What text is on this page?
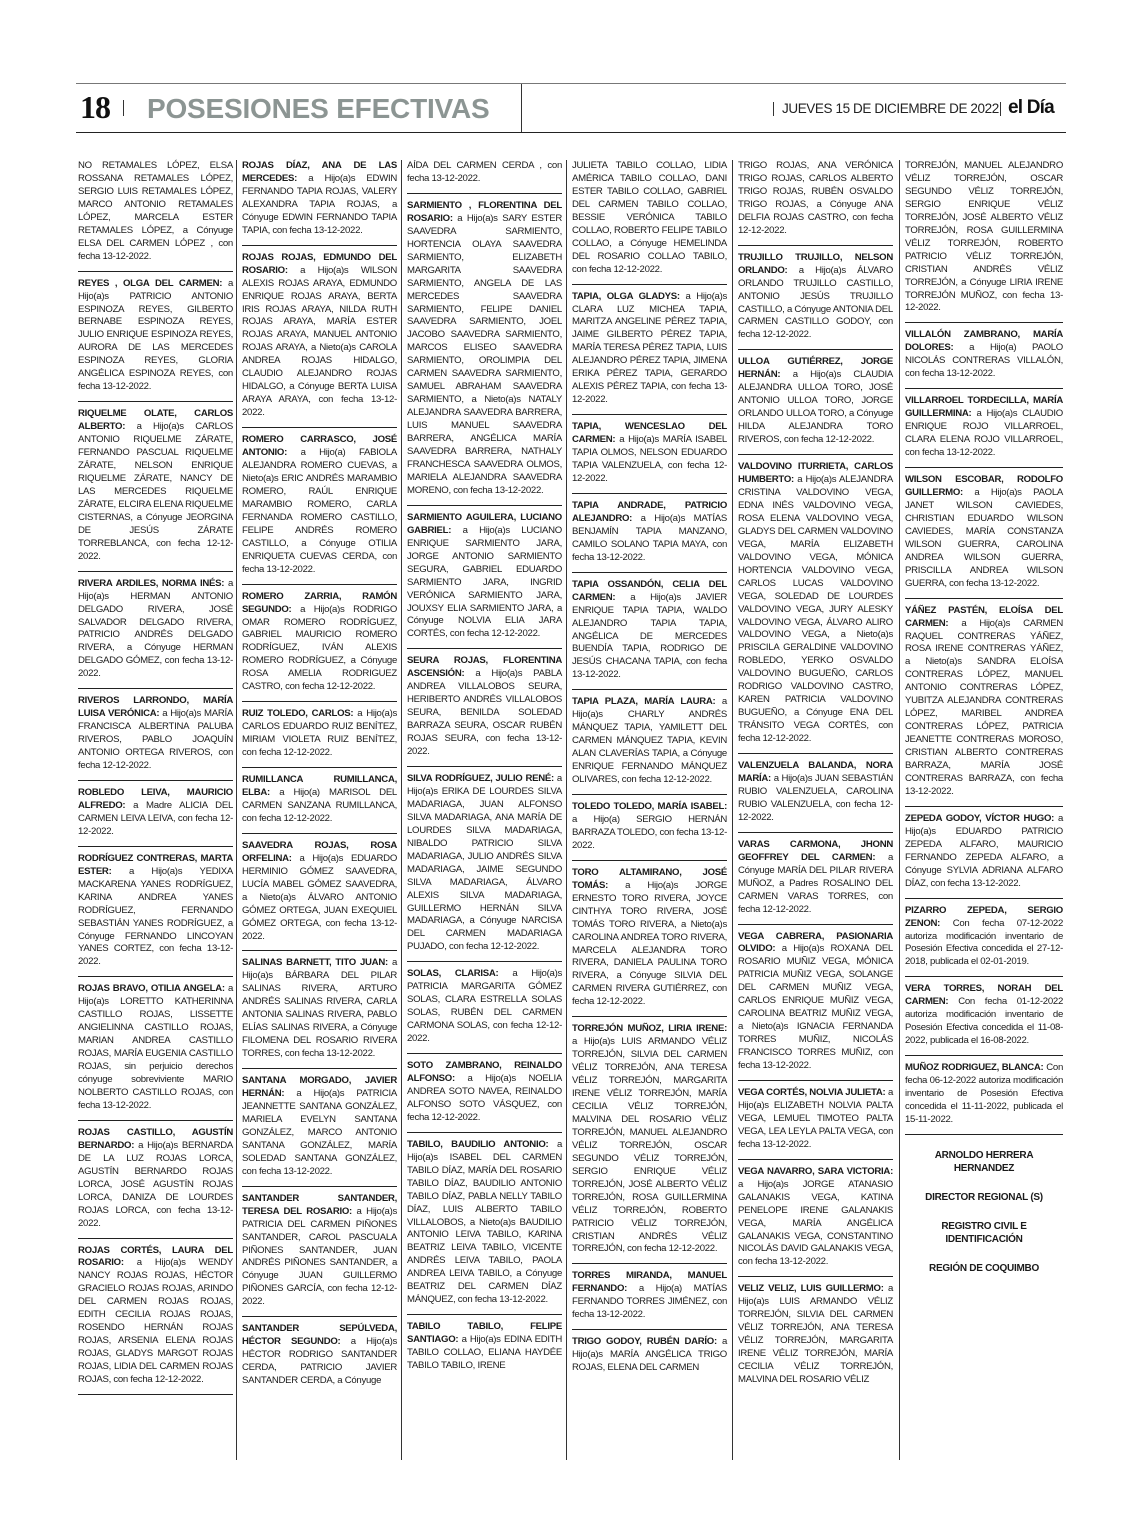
18 POSESIONES EFECTIVAS	JUEVES 15 DE DICIEMBRE DE 2022 el Día
NO RETAMALES LÓPEZ, ELSA ROSSANA RETAMALES LÓPEZ, SERGIO LUIS RETAMALES LÓPEZ, MARCO ANTONIO RETAMALES LÓPEZ, MARCELA ESTER RETAMALES LÓPEZ, a Cónyuge ELSA DEL CARMEN LÓPEZ , con fecha 13-12-2022.
REYES , OLGA DEL CARMEN: a Hijo(a)s PATRICIO ANTONIO ESPINOZA REYES, GILBERTO BERNABE ESPINOZA REYES, JULIO ENRIQUE ESPINOZA REYES, AURORA DE LAS MERCEDES ESPINOZA REYES, GLORIA ANGÉLICA ESPINOZA REYES, con fecha 13-12-2022.
RIQUELME OLATE, CARLOS ALBERTO: a Hijo(a)s CARLOS ANTONIO RIQUELME ZÁRATE, FERNANDO PASCUAL RIQUELME ZÁRATE, NELSON ENRIQUE RIQUELME ZÁRATE, NANCY DE LAS MERCEDES RIQUELME ZÁRATE, ELCIRA ELENA RIQUELME CISTERNAS, a Cónyuge JEORGINA DE JESÚS ZÁRATE TORREBLANCA, con fecha 12-12-2022.
RIVERA ARDILES, NORMA INÉS: a Hijo(a)s HERMAN ANTONIO DELGADO RIVERA, JOSÉ SALVADOR DELGADO RIVERA, PATRICIO ANDRÉS DELGADO RIVERA, a Cónyuge HERMAN DELGADO GÓMEZ, con fecha 13-12-2022.
RIVEROS LARRONDO, MARÍA LUISA VERÓNICA: a Hijo(a)s MARÍA FRANCISCA ALBERTINA PALUBA RIVEROS, PABLO JOAQUÍN ANTONIO ORTEGA RIVEROS, con fecha 12-12-2022.
ROBLEDO LEIVA, MAURICIO ALFREDO: a Madre ALICIA DEL CARMEN LEIVA LEIVA, con fecha 12-12-2022.
RODRÍGUEZ CONTRERAS, MARTA ESTER: a Hijo(a)s YEDIXA MACKARENA YANES RODRÍGUEZ, KARINA ANDREA YANES RODRÍGUEZ, FERNANDO SEBASTIÁN YANES RODRÍGUEZ, a Cónyuge FERNANDO LINCOYAN YANES CORTEZ, con fecha 13-12-2022.
ROJAS BRAVO, OTILIA ANGELA: a Hijo(a)s LORETTO KATHERINNA CASTILLO ROJAS, LISSETTE ANGIELINNA CASTILLO ROJAS, MARIAN ANDREA CASTILLO ROJAS, MARÍA EUGENIA CASTILLO ROJAS, sin perjuicio derechos cónyuge sobreviviente MARIO NOLBERTO CASTILLO ROJAS, con fecha 13-12-2022.
ROJAS CASTILLO, AGUSTÍN BERNARDO: a Hijo(a)s BERNARDA DE LA LUZ ROJAS LORCA, AGUSTÍN BERNARDO ROJAS LORCA, JOSÉ AGUSTÍN ROJAS LORCA, DANIZA DE LOURDES ROJAS LORCA, con fecha 13-12-2022.
ROJAS CORTÉS, LAURA DEL ROSARIO: a Hijo(a)s WENDY NANCY ROJAS ROJAS, HÉCTOR GRACIELO ROJAS ROJAS, ARINDO DEL CARMEN ROJAS ROJAS, EDITH CECILIA ROJAS ROJAS, ROSENDO HERNÁN ROJAS ROJAS, ARSENIA ELENA ROJAS ROJAS, GLADYS MARGOT ROJAS ROJAS, LIDIA DEL CARMEN ROJAS ROJAS, con fecha 12-12-2022.
ROJAS DÍAZ, ANA DE LAS MERCEDES: a Hijo(a)s EDWIN FERNANDO TAPIA ROJAS, VALERY ALEXANDRA TAPIA ROJAS, a Cónyuge EDWIN FERNANDO TAPIA TAPIA, con fecha 13-12-2022.
ROJAS ROJAS, EDMUNDO DEL ROSARIO: a Hijo(a)s WILSON ALEXIS ROJAS ARAYA, EDMUNDO ENRIQUE ROJAS ARAYA, BERTA IRIS ROJAS ARAYA, NILDA RUTH ROJAS ARAYA, MARÍA ESTER ROJAS ARAYA, MANUEL ANTONIO ROJAS ARAYA, a Nieto(a)s CAROLA ANDREA ROJAS HIDALGO, CLAUDIO ALEJANDRO ROJAS HIDALGO, a Cónyuge BERTA LUISA ARAYA ARAYA, con fecha 13-12-2022.
ROMERO CARRASCO, JOSÉ ANTONIO: a Hijo(a) FABIOLA ALEJANDRA ROMERO CUEVAS, a Nieto(a)s ERIC ANDRÉS MARAMBIO ROMERO, RAÚL ENRIQUE MARAMBIO ROMERO, CARLA FERNANDA ROMERO CASTILLO, FELIPE ANDRÉS ROMERO CASTILLO, a Cónyuge OTILIA ENRIQUETA CUEVAS CERDA, con fecha 13-12-2022.
ROMERO ZARRIA, RAMÓN SEGUNDO: a Hijo(a)s RODRIGO OMAR ROMERO RODRÍGUEZ, GABRIEL MAURICIO ROMERO RODRÍGUEZ, IVÁN ALEXIS ROMERO RODRÍGUEZ, a Cónyuge ROSA AMELIA RODRIGUEZ CASTRO, con fecha 12-12-2022.
RUIZ TOLEDO, CARLOS: a Hijo(a)s CARLOS EDUARDO RUIZ BENÍTEZ, MIRIAM VIOLETA RUIZ BENÍTEZ, con fecha 12-12-2022.
RUMILLANCA RUMILLANCA, ELBA: a Hijo(a) MARISOL DEL CARMEN SANZANA RUMILLANCA, con fecha 12-12-2022.
SAAVEDRA ROJAS, ROSA ORFELINA: a Hijo(a)s EDUARDO HERMINIO GÓMEZ SAAVEDRA, LUCÍA MABEL GÓMEZ SAAVEDRA, a Nieto(a)s ÁLVARO ANTONIO GÓMEZ ORTEGA, JUAN EXEQUIEL GÓMEZ ORTEGA, con fecha 13-12-2022.
SALINAS BARNETT, TITO JUAN: a Hijo(a)s BÁRBARA DEL PILAR SALINAS RIVERA, ARTURO ANDRÉS SALINAS RIVERA, CARLA ANTONIA SALINAS RIVERA, PABLO ELÍAS SALINAS RIVERA, a Cónyuge FILOMENA DEL ROSARIO RIVERA TORRES, con fecha 13-12-2022.
SANTANA MORGADO, JAVIER HERNÁN: a Hijo(a)s PATRICIA JEANNETTE SANTANA GONZÁLEZ, MARIELA EVELYN SANTANA GONZÁLEZ, MARCO ANTONIO SANTANA GONZÁLEZ, MARÍA SOLEDAD SANTANA GONZÁLEZ, con fecha 13-12-2022.
SANTANDER SANTANDER, TERESA DEL ROSARIO: a Hijo(a)s PATRICIA DEL CARMEN PIÑONES SANTANDER, CAROL PASCUALA PIÑONES SANTANDER, JUAN ANDRÉS PIÑONES SANTANDER, a Cónyuge JUAN GUILLERMO PIÑONES GARCÍA, con fecha 12-12-2022.
SANTANDER SEPÚLVEDA, HÉCTOR SEGUNDO: a Hijo(a)s HÉCTOR RODRIGO SANTANDER CERDA, PATRICIO JAVIER SANTANDER CERDA, a Cónyuge
AÍDA DEL CARMEN CERDA , con fecha 13-12-2022.
SARMIENTO , FLORENTINA DEL ROSARIO: a Hijo(a)s SARY ESTER SAAVEDRA SARMIENTO, HORTENCIA OLAYA SAAVEDRA SARMIENTO, ELIZABETH MARGARITA SAAVEDRA SARMIENTO, ANGELA DE LAS MERCEDES SAAVEDRA SARMIENTO, FELIPE DANIEL SAAVEDRA SARMIENTO, JOEL JACOBO SAAVEDRA SARMIENTO, MARCOS ELISEO SAAVEDRA SARMIENTO, OROLIMPIA DEL CARMEN SAAVEDRA SARMIENTO, SAMUEL ABRAHAM SAAVEDRA SARMIENTO, a Nieto(a)s NATALY ALEJANDRA SAAVEDRA BARRERA, LUIS MANUEL SAAVEDRA BARRERA, ANGÉLICA MARÍA SAAVEDRA BARRERA, NATHALY FRANCHESCA SAAVEDRA OLMOS, MARIELA ALEJANDRA SAAVEDRA MORENO, con fecha 13-12-2022.
SARMIENTO AGUILERA, LUCIANO GABRIEL: a Hijo(a)s LUCIANO ENRIQUE SARMIENTO JARA, JORGE ANTONIO SARMIENTO SEGURA, GABRIEL EDUARDO SARMIENTO JARA, INGRID VERÓNICA SARMIENTO JARA, JOUXSY ELIA SARMIENTO JARA, a Cónyuge NOLVIA ELIA JARA CORTÉS, con fecha 12-12-2022.
SEURA ROJAS, FLORENTINA ASCENSIÓN: a Hijo(a)s PABLA ANDREA VILLALOBOS SEURA, HERIBERTO ANDRÉS VILLALOBOS SEURA, BENILDA SOLEDAD BARRAZA SEURA, OSCAR RUBÉN ROJAS SEURA, con fecha 13-12-2022.
SILVA RODRÍGUEZ, JULIO RENÉ: a Hijo(a)s ERIKA DE LOURDES SILVA MADARIAGA, JUAN ALFONSO SILVA MADARIAGA, ANA MARÍA DE LOURDES SILVA MADARIAGA, NIBALDO PATRICIO SILVA MADARIAGA, JULIO ANDRÉS SILVA MADARIAGA, JAIME SEGUNDO SILVA MADARIAGA, ÁLVARO ALEXIS SILVA MADARIAGA, GUILLERMO HERNÁN SILVA MADARIAGA, a Cónyuge NARCISA DEL CARMEN MADARIAGA PUJADO, con fecha 12-12-2022.
SOLAS, CLARISA: a Hijo(a)s PATRICIA MARGARITA GÓMEZ SOLAS, CLARA ESTRELLA SOLAS SOLAS, RUBÉN DEL CARMEN CARMONA SOLAS, con fecha 12-12-2022.
SOTO ZAMBRANO, REINALDO ALFONSO: a Hijo(a)s NOELIA ANDREA SOTO NAVEA, REINALDO ALFONSO SOTO VÁSQUEZ, con fecha 12-12-2022.
TABILO, BAUDILIO ANTONIO: a Hijo(a)s ISABEL DEL CARMEN TABILO DÍAZ, MARÍA DEL ROSARIO TABILO DÍAZ, BAUDILIO ANTONIO TABILO DÍAZ, PABLA NELLY TABILO DÍAZ, LUIS ALBERTO TABILO VILLALOBOS, a Nieto(a)s BAUDILIO ANTONIO LEIVA TABILO, KARINA BEATRIZ LEIVA TABILO, VICENTE ANDRÉS LEIVA TABILO, PAOLA ANDREA LEIVA TABILO, a Cónyuge BEATRIZ DEL CARMEN DÍAZ MÁNQUEZ, con fecha 13-12-2022.
TABILO TABILO, FELIPE SANTIAGO: a Hijo(a)s EDINA EDITH TABILO COLLAO, ELIANA HAYDÉE TABILO TABILO, IRENE
JULIETA TABILO COLLAO, LIDIA AMÉRICA TABILO COLLAO, DANI ESTER TABILO COLLAO, GABRIEL DEL CARMEN TABILO COLLAO, BESSIE VERÓNICA TABILO COLLAO, ROBERTO FELIPE TABILO COLLAO, a Cónyuge HEMELINDA DEL ROSARIO COLLAO TABILO, con fecha 12-12-2022.
TAPIA, OLGA GLADYS: a Hijo(a)s CLARA LUZ MICHEA TAPIA, MARITZA ANGELINE PÉREZ TAPIA, JAIME GILBERTO PÉREZ TAPIA, MARÍA TERESA PÉREZ TAPIA, LUIS ALEJANDRO PÉREZ TAPIA, JIMENA ERIKA PÉREZ TAPIA, GERARDO ALEXIS PÉREZ TAPIA, con fecha 13-12-2022.
TAPIA, WENCESLAO DEL CARMEN: a Hijo(a)s MARÍA ISABEL TAPIA OLMOS, NELSON EDUARDO TAPIA VALENZUELA, con fecha 12-12-2022.
TAPIA ANDRADE, PATRICIO ALEJANDRO: a Hijo(a)s MATÍAS BENJAMÍN TAPIA MANZANO, CAMILO SOLANO TAPIA MAYA, con fecha 13-12-2022.
TAPIA OSSANDÓN, CELIA DEL CARMEN: a Hijo(a)s JAVIER ENRIQUE TAPIA TAPIA, WALDO ALEJANDRO TAPIA TAPIA, ANGÉLICA DE MERCEDES BUENDÍA TAPIA, RODRIGO DE JESÚS CHACANA TAPIA, con fecha 13-12-2022.
TAPIA PLAZA, MARÍA LAURA: a Hijo(a)s CHARLY ANDRÉS MÁNQUEZ TAPIA, YAMILETT DEL CARMEN MÁNQUEZ TAPIA, KEVIN ALAN CLAVERÍAS TAPIA, a Cónyuge ENRIQUE FERNANDO MÁNQUEZ OLIVARES, con fecha 12-12-2022.
TOLEDO TOLEDO, MARÍA ISABEL: a Hijo(a) SERGIO HERNÁN BARRAZA TOLEDO, con fecha 13-12-2022.
TORO ALTAMIRANO, JOSÉ TOMÁS: a Hijo(a)s JORGE ERNESTO TORO RIVERA, JOYCE CINTHYA TORO RIVERA, JOSÉ TOMÁS TORO RIVERA, a Nieto(a)s CAROLINA ANDREA TORO RIVERA, MARCELA ALEJANDRA TORO RIVERA, DANIELA PAULINA TORO RIVERA, a Cónyuge SILVIA DEL CARMEN RIVERA GUTIÉRREZ, con fecha 12-12-2022.
TORREJÓN MUÑOZ, LIRIA IRENE: a Hijo(a)s LUIS ARMANDO VÉLIZ TORREJÓN, SILVIA DEL CARMEN VÉLIZ TORREJÓN, ANA TERESA VÉLIZ TORREJÓN, MARGARITA IRENE VÉLIZ TORREJÓN, MARÍA CECILIA VÉLIZ TORREJÓN, MALVINA DEL ROSARIO VÉLIZ TORREJÓN, MANUEL ALEJANDRO VÉLIZ TORREJÓN, OSCAR SEGUNDO VÉLIZ TORREJÓN, SERGIO ENRIQUE VÉLIZ TORREJÓN, JOSÉ ALBERTO VÉLIZ TORREJÓN, ROSA GUILLERMINA VÉLIZ TORREJÓN, ROBERTO PATRICIO VÉLIZ TORREJÓN, CRISTIAN ANDRÉS VÉLIZ TORREJÓN, con fecha 12-12-2022.
TORRES MIRANDA, MANUEL FERNANDO: a Hijo(a) MATÍAS FERNANDO TORRES JIMÉNEZ, con fecha 13-12-2022.
TRIGO GODOY, RUBÉN DARÍO: a Hijo(a)s MARÍA ANGÉLICA TRIGO ROJAS, ELENA DEL CARMEN
TRIGO ROJAS, ANA VERÓNICA TRIGO ROJAS, CARLOS ALBERTO TRIGO ROJAS, RUBÉN OSVALDO TRIGO ROJAS, a Cónyuge ANA DELFIA ROJAS CASTRO, con fecha 12-12-2022.
TRUJILLO TRUJILLO, NELSON ORLANDO: a Hijo(a)s ÁLVARO ORLANDO TRUJILLO CASTILLO, ANTONIO JESÚS TRUJILLO CASTILLO, a Cónyuge ANTONIA DEL CARMEN CASTILLO GODOY, con fecha 12-12-2022.
ULLOA GUTIÉRREZ, JORGE HERNÁN: a Hijo(a)s CLAUDIA ALEJANDRA ULLOA TORO, JOSÉ ANTONIO ULLOA TORO, JORGE ORLANDO ULLOA TORO, a Cónyuge HILDA ALEJANDRA TORO RIVEROS, con fecha 12-12-2022.
VALDOVINO ITURRIETA, CARLOS HUMBERTO: a Hijo(a)s ALEJANDRA CRISTINA VALDOVINO VEGA, EDNA INÉS VALDOVINO VEGA, ROSA ELENA VALDOVINO VEGA, GLADYS DEL CARMEN VALDOVINO VEGA, MARÍA ELIZABETH VALDOVINO VEGA, MÓNICA HORTENCIA VALDOVINO VEGA, CARLOS LUCAS VALDOVINO VEGA, SOLEDAD DE LOURDES VALDOVINO VEGA, JURY ALESKY VALDOVINO VEGA, ÁLVARO ALIRO VALDOVINO VEGA, a Nieto(a)s PRISCILA GERALDINE VALDOVINO ROBLEDO, YERKO OSVALDO VALDOVINO BUGUEÑO, CARLOS RODRIGO VALDOVINO CASTRO, KAREN PATRICIA VALDOVINO BUGUEÑO, a Cónyuge ENA DEL TRÁNSITO VEGA CORTÉS, con fecha 12-12-2022.
VALENZUELA BALANDA, NORA MARÍA: a Hijo(a)s JUAN SEBASTIÁN RUBIO VALENZUELA, CAROLINA RUBIO VALENZUELA, con fecha 12-12-2022.
VARAS CARMONA, JHONN GEOFFREY DEL CARMEN: a Cónyuge MARÍA DEL PILAR RIVERA MUÑOZ, a Padres ROSALINO DEL CARMEN VARAS TORRES, con fecha 12-12-2022.
VEGA CABRERA, PASIONARIA OLVIDO: a Hijo(a)s ROXANA DEL ROSARIO MUÑIZ VEGA, MÓNICA PATRICIA MUÑIZ VEGA, SOLANGE DEL CARMEN MUÑIZ VEGA, CARLOS ENRIQUE MUÑIZ VEGA, CAROLINA BEATRIZ MUÑIZ VEGA, a Nieto(a)s IGNACIA FERNANDA TORRES MUÑIZ, NICOLÁS FRANCISCO TORRES MUÑIZ, con fecha 13-12-2022.
VEGA CORTÉS, NOLVIA JULIETA: a Hijo(a)s ELIZABETH NOLVIA PALTA VEGA, LEMUEL TIMOTEO PALTA VEGA, LEA LEYLA PALTA VEGA, con fecha 13-12-2022.
VEGA NAVARRO, SARA VICTORIA: a Hijo(a)s JORGE ATANASIO GALANAKIS VEGA, KATINA PENELOPE IRENE GALANAKIS VEGA, MARÍA ANGÉLICA GALANAKIS VEGA, CONSTANTINO NICOLÁS DAVID GALANAKIS VEGA, con fecha 13-12-2022.
VELIZ VELIZ, LUIS GUILLERMO: a Hijo(a)s LUIS ARMANDO VÉLIZ TORREJÓN, SILVIA DEL CARMEN VÉLIZ TORREJÓN, ANA TERESA VÉLIZ TORREJÓN, MARGARITA IRENE VÉLIZ TORREJÓN, MARÍA CECILIA VÉLIZ TORREJÓN, MALVINA DEL ROSARIO VÉLIZ
TORREJÓN, MANUEL ALEJANDRO VÉLIZ TORREJÓN, OSCAR SEGUNDO VÉLIZ TORREJÓN, SERGIO ENRIQUE VÉLIZ TORREJÓN, JOSÉ ALBERTO VÉLIZ TORREJÓN, ROSA GUILLERMINA VÉLIZ TORREJÓN, ROBERTO PATRICIO VÉLIZ TORREJÓN, CRISTIAN ANDRÉS VÉLIZ TORREJÓN, a Cónyuge LIRIA IRENE TORREJÓN MUÑOZ, con fecha 13-12-2022.
VILLALÓN ZAMBRANO, MARÍA DOLORES: a Hijo(a) PAOLO NICOLÁS CONTRERAS VILLALÓN, con fecha 13-12-2022.
VILLARROEL TORDECILLA, MARÍA GUILLERMINA: a Hijo(a)s CLAUDIO ENRIQUE ROJO VILLARROEL, CLARA ELENA ROJO VILLARROEL, con fecha 13-12-2022.
WILSON ESCOBAR, RODOLFO GUILLERMO: a Hijo(a)s PAOLA JANET WILSON CAVIEDES, CHRISTIAN EDUARDO WILSON CAVIEDES, MARÍA CONSTANZA WILSON GUERRA, CAROLINA ANDREA WILSON GUERRA, PRISCILLA ANDREA WILSON GUERRA, con fecha 13-12-2022.
YÁÑEZ PASTÉN, ELOÍSA DEL CARMEN: a Hijo(a)s CARMEN RAQUEL CONTRERAS YÁÑEZ, ROSA IRENE CONTRERAS YÁÑEZ, a Nieto(a)s SANDRA ELOÍSA CONTRERAS LÓPEZ, MANUEL ANTONIO CONTRERAS LÓPEZ, YUBITZA ALEJANDRA CONTRERAS LÓPEZ, MARIBEL ANDREA CONTRERAS LÓPEZ, PATRICIA JEANETTE CONTRERAS MOROSO, CRISTIAN ALBERTO CONTRERAS BARRAZA, MARÍA JOSÉ CONTRERAS BARRAZA, con fecha 13-12-2022.
ZEPEDA GODOY, VÍCTOR HUGO: a Hijo(a)s EDUARDO PATRICIO ZEPEDA ALFARO, MAURICIO FERNANDO ZEPEDA ALFARO, a Cónyuge SYLVIA ADRIANA ALFARO DÍAZ, con fecha 13-12-2022.
PIZARRO ZEPEDA, SERGIO ZENON: Con fecha 07-12-2022 autoriza modificación inventario de Posesión Efectiva concedida el 27-12-2018, publicada el 02-01-2019.
VERA TORRES, NORAH DEL CARMEN: Con fecha 01-12-2022 autoriza modificación inventario de Posesión Efectiva concedida el 11-08-2022, publicada el 16-08-2022.
MUÑOZ RODRIGUEZ, BLANCA: Con fecha 06-12-2022 autoriza modificación inventario de Posesión Efectiva concedida el 11-11-2022, publicada el 15-11-2022.
ARNOLDO HERRERA HERNANDEZ
DIRECTOR REGIONAL (S)
REGISTRO CIVIL E IDENTIFICACIÓN
REGIÓN DE COQUIMBO
